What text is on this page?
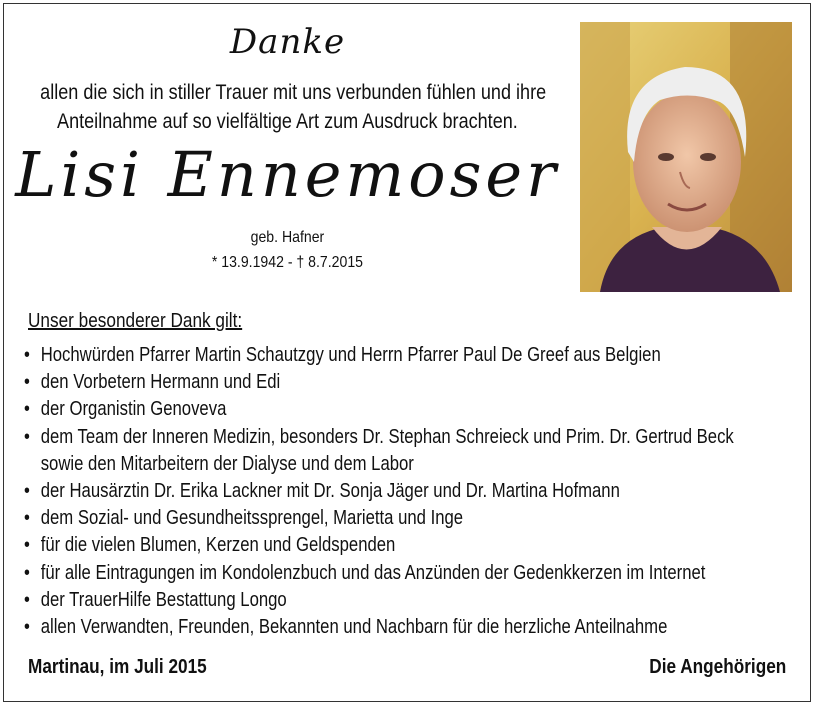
Danke
allen die sich in stiller Trauer mit uns verbunden fühlen und ihre
Anteilnahme auf so vielfältige Art zum Ausdruck brachten.
Lisi Ennemoser
geb. Hafner
* 13.9.1942 - † 8.7.2015
Unser besonderer Dank gilt:
• Hochwürden Pfarrer Martin Schautzgy und Herrn Pfarrer Paul De Greef aus Belgien
• den Vorbetern Hermann und Edi
• der Organistin Genoveva
• dem Team der Inneren Medizin, besonders Dr. Stephan Schreieck und Prim. Dr. Gertrud Beck
sowie den Mitarbeitern der Dialyse und dem Labor
• der Hausärztin Dr. Erika Lackner mit Dr. Sonja Jäger und Dr. Martina Hofmann
• dem Sozial- und Gesundheitssprengel, Marietta und Inge
• für die vielen Blumen, Kerzen und Geldspenden
• für alle Eintragungen im Kondolenzbuch und das Anzünden der Gedenkkerzen im Internet
• der TrauerHilfe Bestattung Longo
• allen Verwandten, Freunden, Bekannten und Nachbarn für die herzliche Anteilnahme
Martinau, im Juli 2015	Die Angehörigen
